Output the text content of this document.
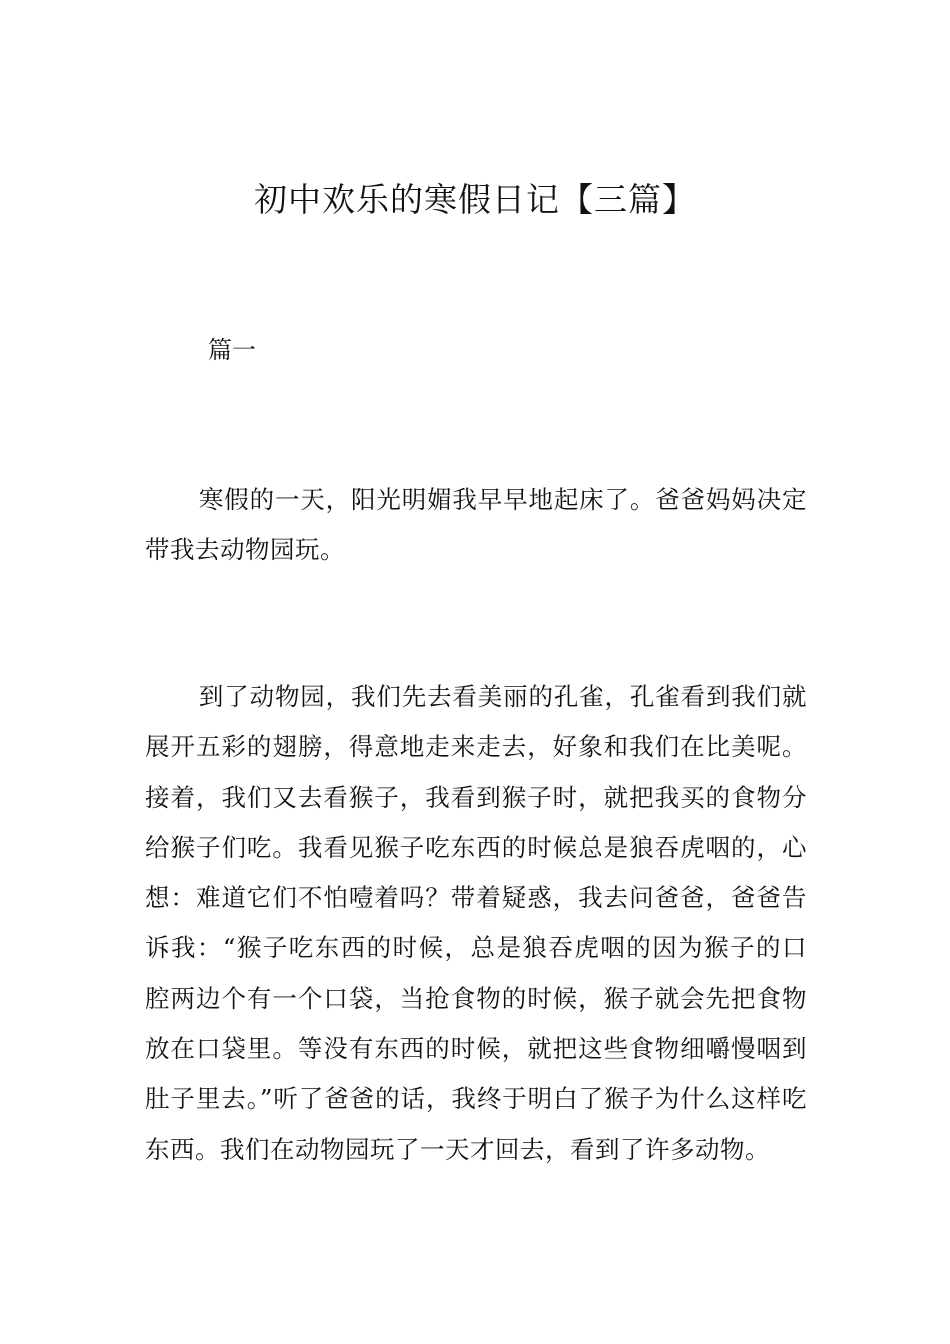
初中欢乐的寒假日记【三篇】

篇一

寒假的一天，阳光明媚我早早地起床了。爸爸妈妈决定带我去动物园玩。

到了动物园，我们先去看美丽的孔雀，孔雀看到我们就展开五彩的翅膀，得意地走来走去，好象和我们在比美呢。接着，我们又去看猴子，我看到猴子时，就把我买的食物分给猴子们吃。我看见猴子吃东西的时候总是狼吞虎咽的，心想：难道它们不怕噎着吗？带着疑惑，我去问爸爸，爸爸告诉我：“猴子吃东西的时候，总是狼吞虎咽的因为猴子的口腔两边个有一个口袋，当抢食物的时候，猴子就会先把食物放在口袋里。等没有东西的时候，就把这些食物细嚼慢咽到肚子里去。”听了爸爸的话，我终于明白了猴子为什么这样吃东西。我们在动物园玩了一天才回去，看到了许多动物。
